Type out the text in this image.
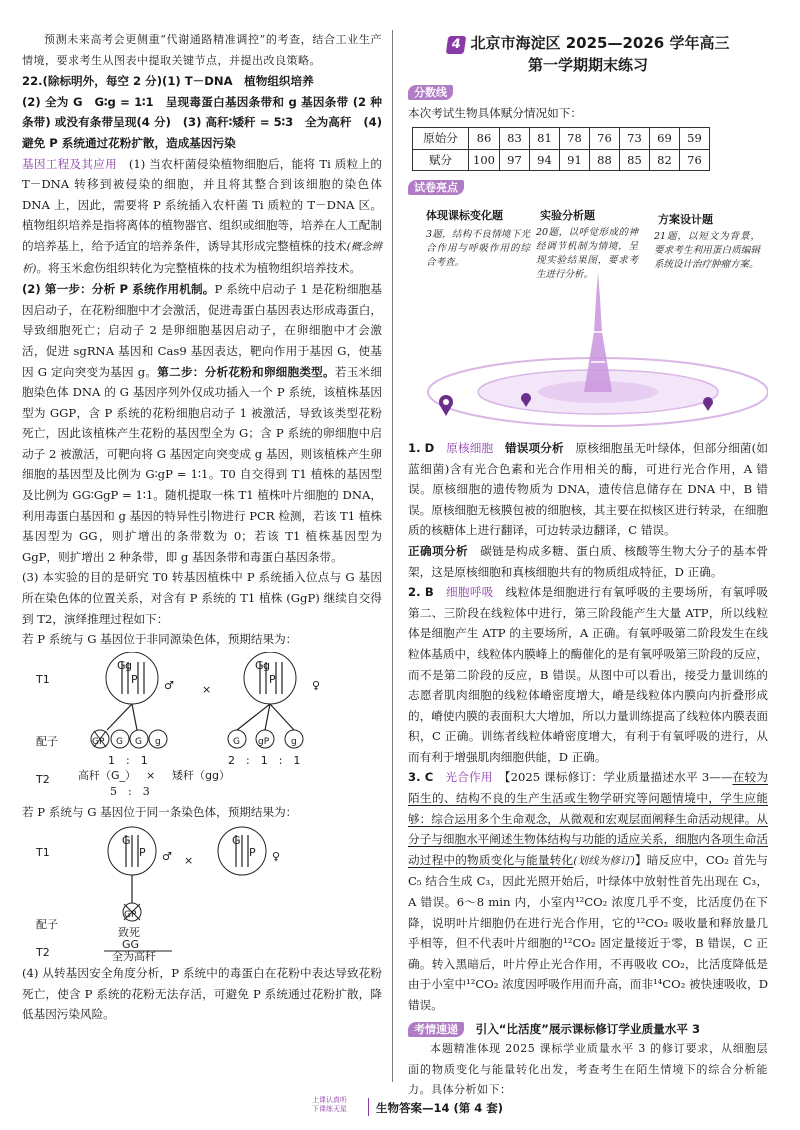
预测未来高考会更侧重“代谢通路精准调控”的考查，结合工业生产情境，要求考生从图表中提取关键节点，并提出改良策略。

22.(除标明外，每空 2 分)(1) T－DNA　植物组织培养

(2) 全为 G　G∶g = 1∶1　呈现毒蛋白基因条带和 g 基因条带 (2 种条带) 或没有条带呈现(4 分)　(3) 高秆∶矮秆 = 5∶3　全为高秆　(4) 避免 P 系统通过花粉扩散，造成基因污染

基因工程及其应用　 (1) 当农杆菌侵染植物细胞后，能将 Ti 质粒上的 T－DNA 转移到被侵染的细胞，并且将其整合到该细胞的染色体 DNA 上，因此，需要将 P 系统插入农杆菌 Ti 质粒的 T－DNA 区。植物组织培养是指将离体的植物器官、组织或细胞等，培养在人工配制的培养基上，给予适宜的培养条件，诱导其形成完整植株的技术(概念辨析)。将玉米愈伤组织转化为完整植株的技术为植物组织培养技术。

(2) 第一步：分析 P 系统作用机制。P 系统中启动子 1 是花粉细胞基因启动子，在花粉细胞中才会激活，促进毒蛋白基因表达形成毒蛋白，导致细胞死亡；启动子 2 是卵细胞基因启动子，在卵细胞中才会激活，促进 sgRNA 基因和 Cas9 基因表达，靶向作用于基因 G，使基因 G 定向突变为基因 g。第二步：分析花粉和卵细胞类型。若玉米细胞染色体 DNA 的 G 基因序列外仅成功插入一个 P 系统，该植株基因型为 GGP，含 P 系统的花粉细胞启动子 1 被激活，导致该类型花粉死亡，因此该植株产生花粉的基因型全为 G；含 P 系统的卵细胞中启动子 2 被激活，可靶向将 G 基因定向突变成 g 基因，则该植株产生卵细胞的基因型及比例为 G∶gP = 1∶1。T0 自交得到 T1 植株的基因型及比例为 GG∶GgP = 1∶1。随机提取一株 T1 植株叶片细胞的 DNA，利用毒蛋白基因和 g 基因的特异性引物进行 PCR 检测，若该 T1 植株基因型为 GG，则扩增出的条带数为 0；若该 T1 植株基因型为 GgP，则扩增出 2 种条带，即 g 基因条带和毒蛋白基因条带。

(3) 本实验的目的是研究 T0 转基因植株中 P 系统插入位点与 G 基因所在染色体的位置关系，对含有 P 系统的 T1 植株 (GgP) 继续自交得到 T2，演绎推理过程如下：

若 P 系统与 G 基因位于非同源染色体，预期结果为：

T1
G g
P
G g
P
♂	×	♀
配子	GP G G g	G gP g
1　:　1	2　:　1　:　1
T2	高秆（G_） × 矮秆（gg）

5　:　3

若 P 系统与 G 基因位于同一条染色体，预期结果为：

T1
G
P
G
P
♂ ×	♀
配子
GP
致死
T2
GG
全为高秆

(4) 从转基因安全角度分析，P 系统中的毒蛋白在花粉中表达导致花粉死亡，使含 P 系统的花粉无法存活，可避免 P 系统通过花粉扩散，降低基因污染风险。

4 北京市海淀区 2025—2026 学年高三
第一学期期末练习
分数线

本次考试生物具体赋分情况如下：

原始分	86	83	81	78	76	73	69	59
赋分	100	97	94	91	88	85	82	76
试卷亮点
体现课标变化题
3题，结构不良情境下光合作用与呼吸作用的综合考查。
实验分析题
20题，以呼觉形成的神经调节机制为情境，呈现实验结果图，要求考生进行分析。
方案设计题
21题，以短文为背景，要求考生利用蛋白质编辑系统设计治疗肿瘤方案。

1. D　 原核细胞　 错误项分析　 原核细胞虽无叶绿体，但部分细菌(如蓝细菌)含有光合色素和光合作用相关的酶，可进行光合作用，A 错误。原核细胞的遗传物质为 DNA，遗传信息储存在 DNA 中，B 错误。原核细胞无核膜包被的细胞核，其主要在拟核区进行转录，在细胞质的核糖体上进行翻译，可边转录边翻译，C 错误。

正确项分析　 碳链是构成多糖、蛋白质、核酸等生物大分子的基本骨架，这是原核细胞和真核细胞共有的物质组成特征，D 正确。

2. B　 细胞呼吸　 线粒体是细胞进行有氧呼吸的主要场所，有氧呼吸第二、三阶段在线粒体中进行，第三阶段能产生大量 ATP，所以线粒体是细胞产生 ATP 的主要场所，A 正确。有氧呼吸第二阶段发生在线粒体基质中，线粒体内膜峰上的酶催化的是有氧呼吸第三阶段的反应，而不是第二阶段的反应，B 错误。从图中可以看出，接受力量训练的志愿者肌肉细胞的线粒体嵴密度增大，嵴是线粒体内膜向内折叠形成的，嵴使内膜的表面积大大增加，所以力量训练提高了线粒体内膜表面积，C 正确。训练者线粒体嵴密度增大，有利于有氧呼吸的进行，从而有利于增强肌肉细胞供能，D 正确。

3. C　 光合作用　 【2025 课标修订：学业质量描述水平 3——在较为陌生的、结构不良的生产生活或生物学研究等问题情境中，学生应能够：综合运用多个生命观念，从微观和宏观层面阐释生命活动规律。从分子与细胞水平阐述生物体结构与功能的适应关系，细胞内各项生命活动过程中的物质变化与能量转化(划线为修订)】暗反应中，CO₂ 首先与 C₅ 结合生成 C₃，因此光照开始后，叶绿体中放射性首先出现在 C₃，A 错误。6～8 min 内，小室内¹²CO₂ 浓度几乎不变，比活度仍在下降，说明叶片细胞仍在进行光合作用，它的¹²CO₂ 吸收量和释放量几乎相等，但不代表叶片细胞的¹²CO₂ 固定量接近于零，B 错误，C 正确。转入黑暗后，叶片停止光合作用，不再吸收 CO₂，比活度降低是由于小室中¹²CO₂ 浓度因呼吸作用而升高，而非¹⁴CO₂ 被快速吸收，D 错误。

考情速递　 引入“比活度”展示课标修订学业质量水平 3

本题精准体现 2025 课标学业质量水平 3 的修订要求，从细胞层面的物质变化与能量转化出发，考查考生在陌生情境下的综合分析能力。具体分析如下：

上课认真听
下课练天星	生物答案—14 (第 4 套)
